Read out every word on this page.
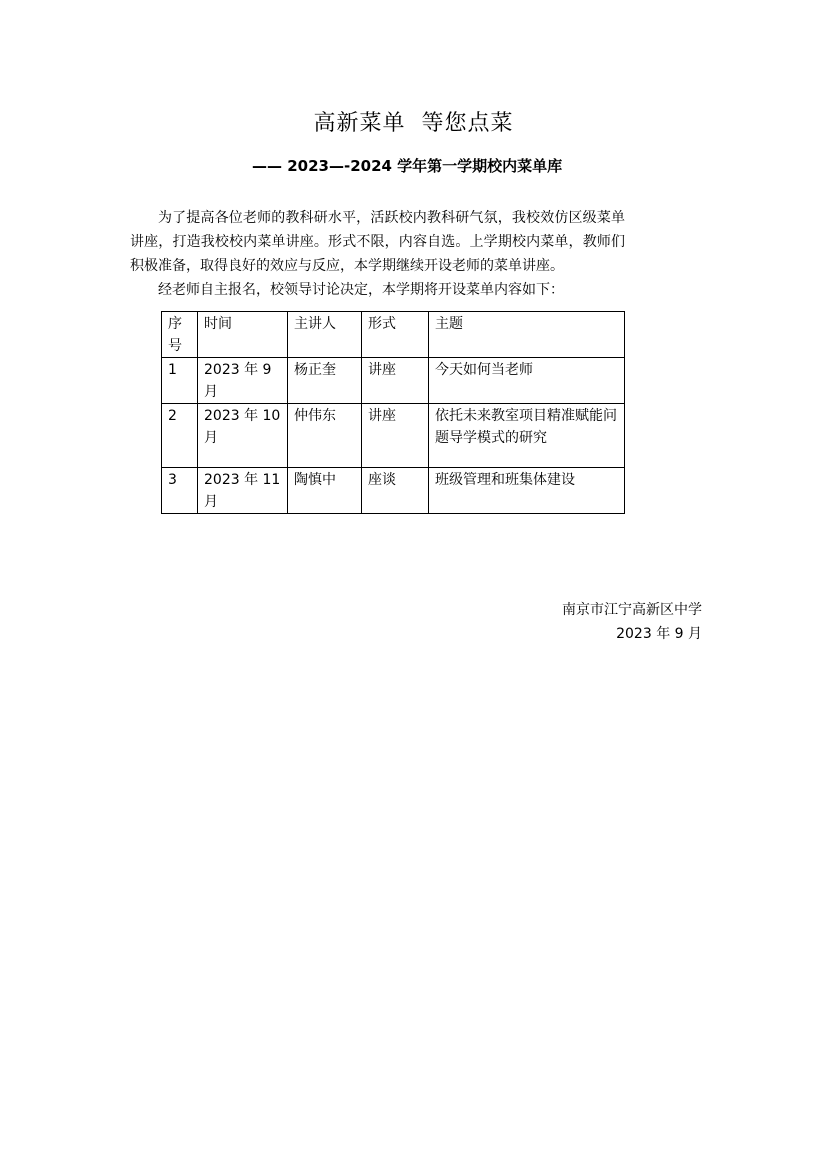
高新菜单  等您点菜
—— 2023—-2024 学年第一学期校内菜单库

为了提高各位老师的教科研水平，活跃校内教科研气氛，我校效仿区级菜单讲座，打造我校校内菜单讲座。形式不限，内容自选。上学期校内菜单，教师们积极准备，取得良好的效应与反应，本学期继续开设老师的菜单讲座。

经老师自主报名，校领导讨论决定，本学期将开设菜单内容如下：

序号	时间	主讲人	形式	主题
1	2023 年 9 月	杨正奎	讲座	今天如何当老师
2	2023 年 10 月	仲伟东	讲座	依托未来教室项目精准赋能问题导学模式的研究
3	2023 年 11 月	陶慎中	座谈	班级管理和班集体建设
南京市江宁高新区中学
2023 年 9 月
